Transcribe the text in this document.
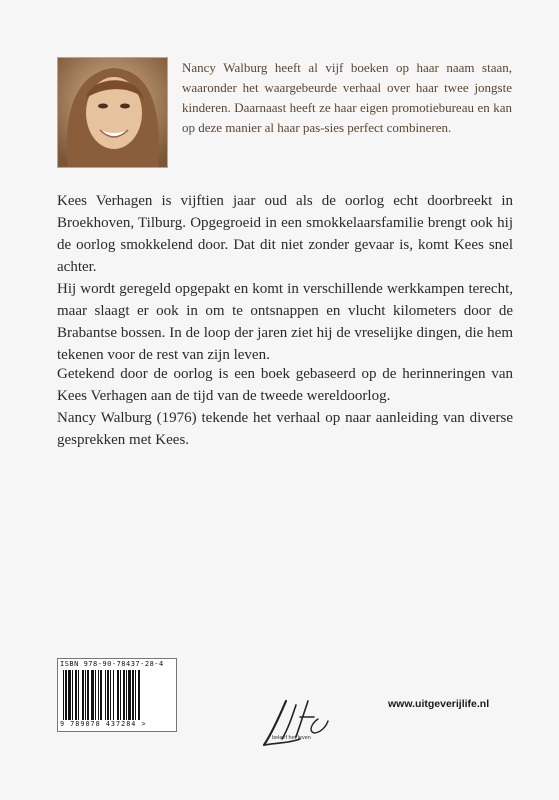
Nancy Walburg heeft al vijf boeken op haar naam staan, waaronder het waargebeurde verhaal over haar twee jongste kinderen. Daarnaast heeft ze haar eigen promotiebureau en kan op deze manier al haar pas-sies perfect combineren.

Kees Verhagen is vijftien jaar oud als de oorlog echt doorbreekt in Broekhoven, Tilburg. Opgegroeid in een smokkelaarsfamilie brengt ook hij de oorlog smokkelend door. Dat dit niet zonder gevaar is, komt Kees snel achter.
Hij wordt geregeld opgepakt en komt in verschillende werkkampen terecht, maar slaagt er ook in om te ontsnappen en vlucht kilometers door de Brabantse bossen. In de loop der jaren ziet hij de vreselijke dingen, die hem tekenen voor de rest van zijn leven.
Getekend door de oorlog is een boek gebaseerd op de herinneringen van Kees Verhagen aan de tijd van de tweede wereldoorlog.
Nancy Walburg (1976) tekende het verhaal op naar aanleiding van diverse gesprekken met Kees.
ISBN 978-90-78437-28-4
9 789078 437284 >
beleef het leven
www.uitgeverijlife.nl
